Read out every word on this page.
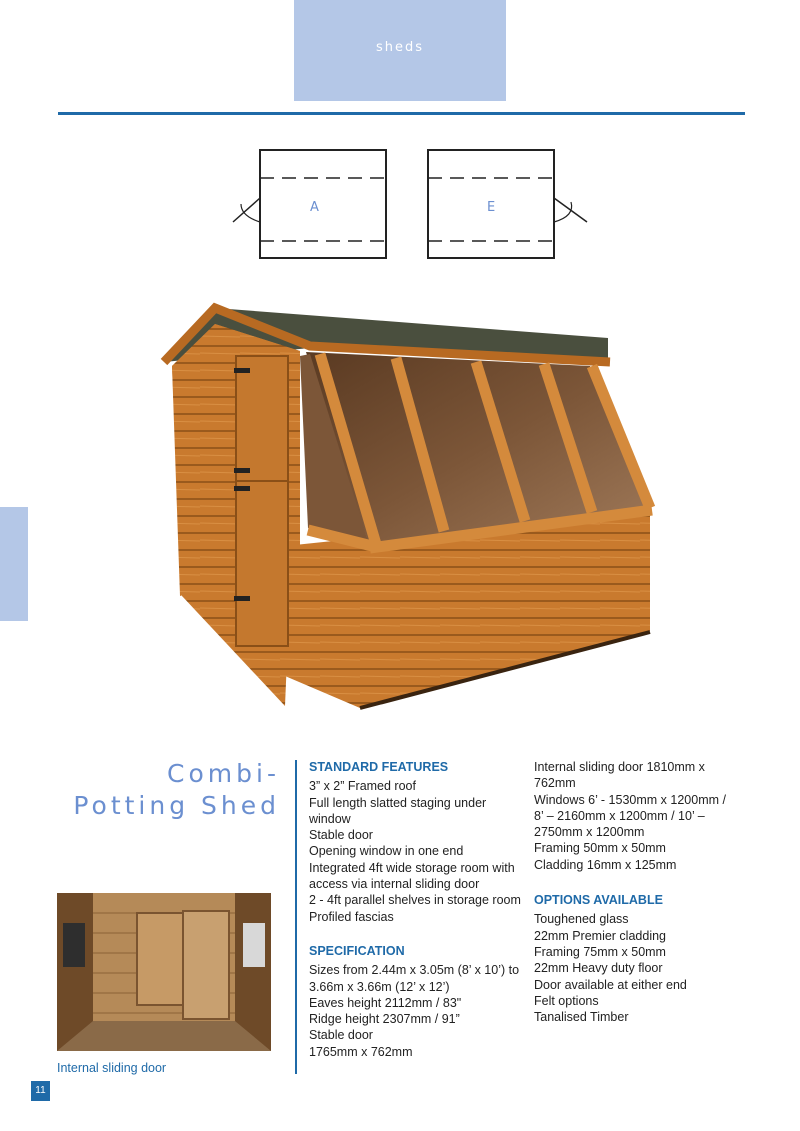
sheds
A	E
Combi-
Potting Shed
STANDARD FEATURES
3” x 2” Framed roof
Full length slatted staging under window
Stable door
Opening window in one end
Integrated 4ft wide storage room with access via internal sliding door
2 - 4ft parallel shelves in storage room
Profiled fascias
SPECIFICATION
Sizes from 2.44m x 3.05m (8’ x 10’) to 3.66m x 3.66m (12’ x 12’)
Eaves height 2112mm / 83"
Ridge height 2307mm / 91”
Stable door
1765mm x 762mm
Internal sliding door 1810mm x 762mm
Windows 6’ - 1530mm x 1200mm / 8’ – 2160mm x 1200mm / 10’ – 2750mm x 1200mm
Framing 50mm x 50mm
Cladding 16mm x 125mm
OPTIONS AVAILABLE
Toughened glass
22mm Premier cladding
Framing 75mm x 50mm
22mm Heavy duty floor
Door available at either end
Felt options
Tanalised Timber
Internal sliding door
11
